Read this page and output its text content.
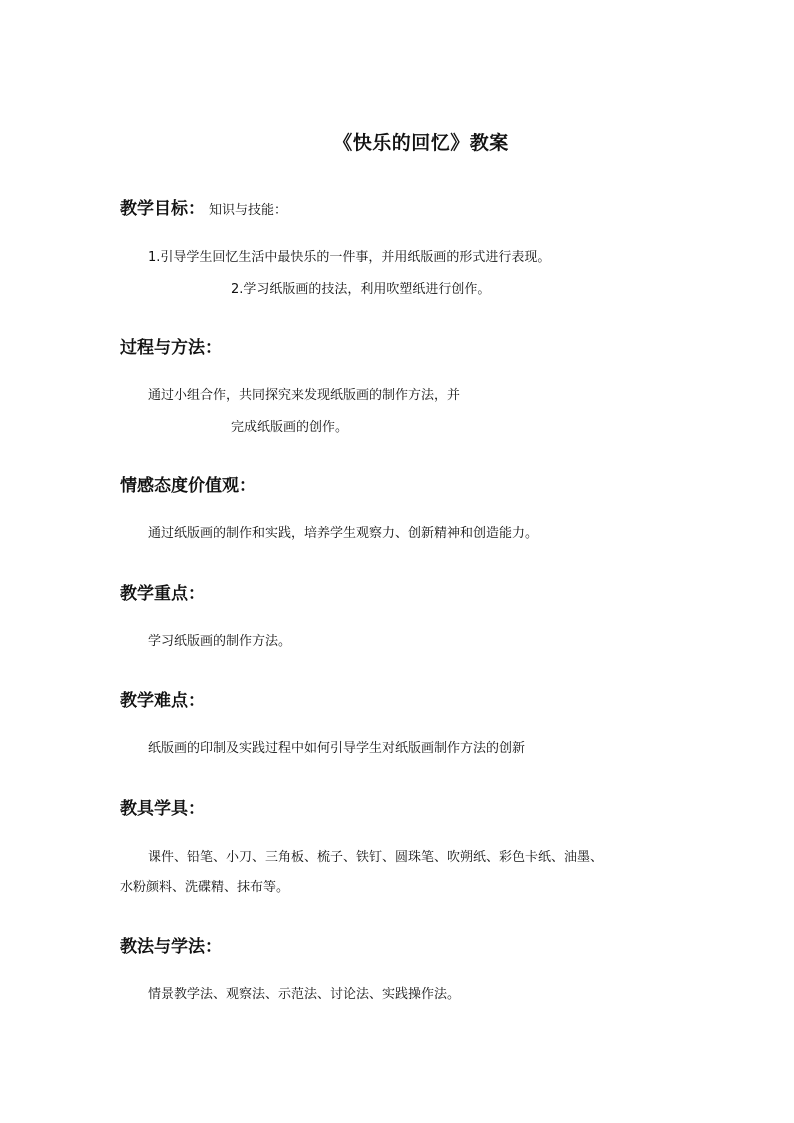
《快乐的回忆》教案
教学目标： 知识与技能：
1.引导学生回忆生活中最快乐的一件事，并用纸版画的形式进行表现。
2.学习纸版画的技法，利用吹塑纸进行创作。
过程与方法：
通过小组合作，共同探究来发现纸版画的制作方法，并
完成纸版画的创作。
情感态度价值观：
通过纸版画的制作和实践，培养学生观察力、创新精神和创造能力。
教学重点：
学习纸版画的制作方法。
教学难点：
纸版画的印制及实践过程中如何引导学生对纸版画制作方法的创新
教具学具：
课件、铅笔、小刀、三角板、梳子、铁钉、圆珠笔、吹朔纸、彩色卡纸、油墨、
水粉颜料、洗碟精、抹布等。
教法与学法：
情景教学法、观察法、示范法、讨论法、实践操作法。
